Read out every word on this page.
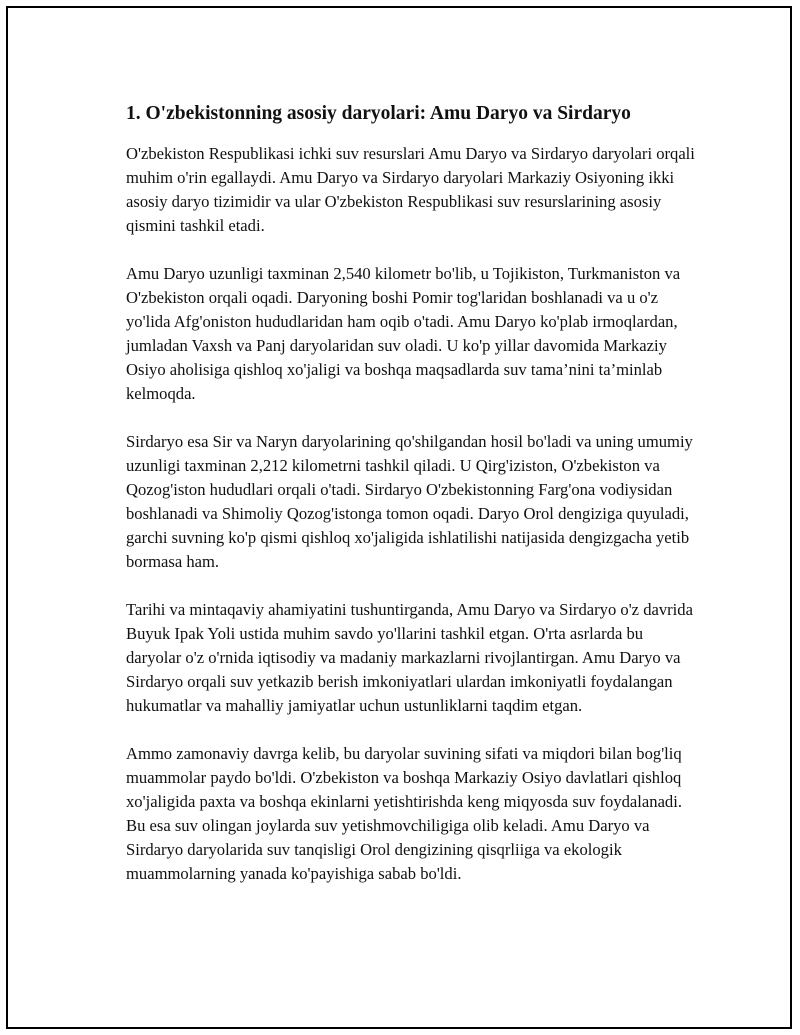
1. O'zbekistonning asosiy daryolari: Amu Daryo va Sirdaryo

O'zbekiston Respublikasi ichki suv resurslari Amu Daryo va Sirdaryo daryolari orqali muhim o'rin egallaydi. Amu Daryo va Sirdaryo daryolari Markaziy Osiyoning ikki asosiy daryo tizimidir va ular O'zbekiston Respublikasi suv resurslarining asosiy qismini tashkil etadi.

Amu Daryo uzunligi taxminan 2,540 kilometr bo'lib, u Tojikiston, Turkmaniston va O'zbekiston orqali oqadi. Daryoning boshi Pomir tog'laridan boshlanadi va u o'z yo'lida Afg'oniston hududlaridan ham oqib o'tadi. Amu Daryo ko'plab irmoqlardan, jumladan Vaxsh va Panj daryolaridan suv oladi. U ko'p yillar davomida Markaziy Osiyo aholisiga qishloq xo'jaligi va boshqa maqsadlarda suv tama’nini ta’minlab kelmoqda.

Sirdaryo esa Sir va Naryn daryolarining qo'shilgandan hosil bo'ladi va uning umumiy uzunligi taxminan 2,212 kilometrni tashkil qiladi. U Qirg'iziston, O'zbekiston va Qozog'iston hududlari orqali o'tadi. Sirdaryo O'zbekistonning Farg'ona vodiysidan boshlanadi va Shimoliy Qozog'istonga tomon oqadi. Daryo Orol dengiziga quyuladi, garchi suvning ko'p qismi qishloq xo'jaligida ishlatilishi natijasida dengizgacha yetib bormasa ham.

Tarihi va mintaqaviy ahamiyatini tushuntirganda, Amu Daryo va Sirdaryo o'z davrida Buyuk Ipak Yoli ustida muhim savdo yo'llarini tashkil etgan. O'rta asrlarda bu daryolar o'z o'rnida iqtisodiy va madaniy markazlarni rivojlantirgan. Amu Daryo va Sirdaryo orqali suv yetkazib berish imkoniyatlari ulardan imkoniyatli foydalangan hukumatlar va mahalliy jamiyatlar uchun ustunliklarni taqdim etgan.

Ammo zamonaviy davrga kelib, bu daryolar suvining sifati va miqdori bilan bog'liq muammolar paydo bo'ldi. O'zbekiston va boshqa Markaziy Osiyo davlatlari qishloq xo'jaligida paxta va boshqa ekinlarni yetishtirishda keng miqyosda suv foydalanadi. Bu esa suv olingan joylarda suv yetishmovchiligiga olib keladi. Amu Daryo va Sirdaryo daryolarida suv tanqisligi Orol dengizining qisqrliiga va ekologik muammolarning yanada ko'payishiga sabab bo'ldi.
